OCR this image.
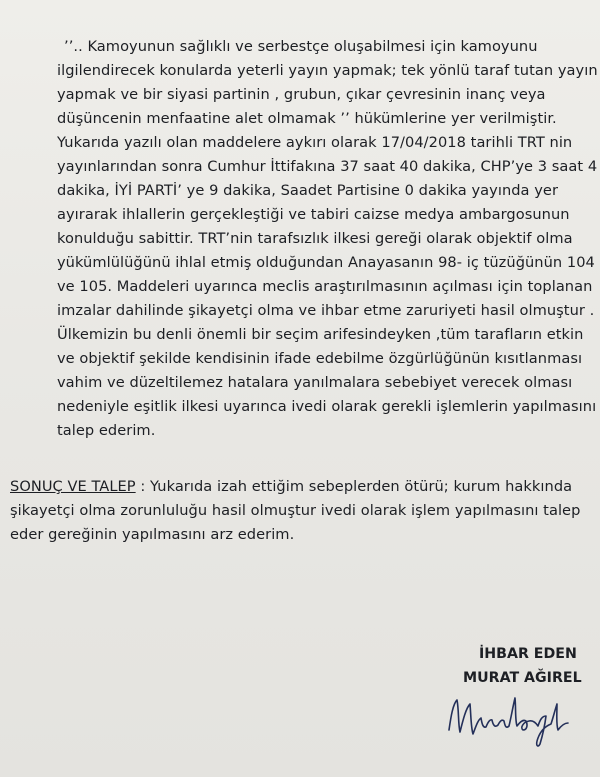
’’.. Kamoyunun sağlıklı ve serbestçe oluşabilmesi için kamoyunu
ilgilendirecek konularda yeterli yayın yapmak; tek yönlü taraf tutan yayın
yapmak ve bir siyasi partinin , grubun, çıkar çevresinin inanç veya
düşüncenin menfaatine alet olmamak ’’ hükümlerine yer verilmiştir.
Yukarıda yazılı olan maddelere aykırı olarak 17/04/2018 tarihli TRT nin
yayınlarından sonra Cumhur İttifakına 37 saat 40 dakika, CHP’ye 3 saat 4
dakika, İYİ PARTİ’ ye 9 dakika, Saadet Partisine 0 dakika yayında yer
ayırarak ihlallerin gerçekleştiği ve tabiri caizse medya ambargosunun
konulduğu sabittir. TRT’nin tarafsızlık ilkesi gereği olarak objektif olma
yükümlülüğünü ihlal etmiş olduğundan Anayasanın 98- iç tüzüğünün 104
ve 105. Maddeleri uyarınca meclis araştırılmasının açılması için toplanan
imzalar dahilinde şikayetçi olma ve ihbar etme zaruriyeti hasil olmuştur .
Ülkemizin bu denli önemli bir seçim arifesindeyken ,tüm tarafların etkin
ve objektif şekilde kendisinin ifade edebilme özgürlüğünün kısıtlanması
vahim ve düzeltilemez hatalara yanılmalara sebebiyet verecek olması
nedeniyle eşitlik ilkesi uyarınca ivedi olarak gerekli işlemlerin yapılmasını
talep ederim.
SONUÇ VE TALEP : Yukarıda izah ettiğim sebeplerden ötürü; kurum hakkında
şikayetçi olma zorunluluğu hasil olmuştur ivedi olarak işlem yapılmasını talep
eder gereğinin yapılmasını arz ederim.
İHBAR EDEN
MURAT AĞIREL
